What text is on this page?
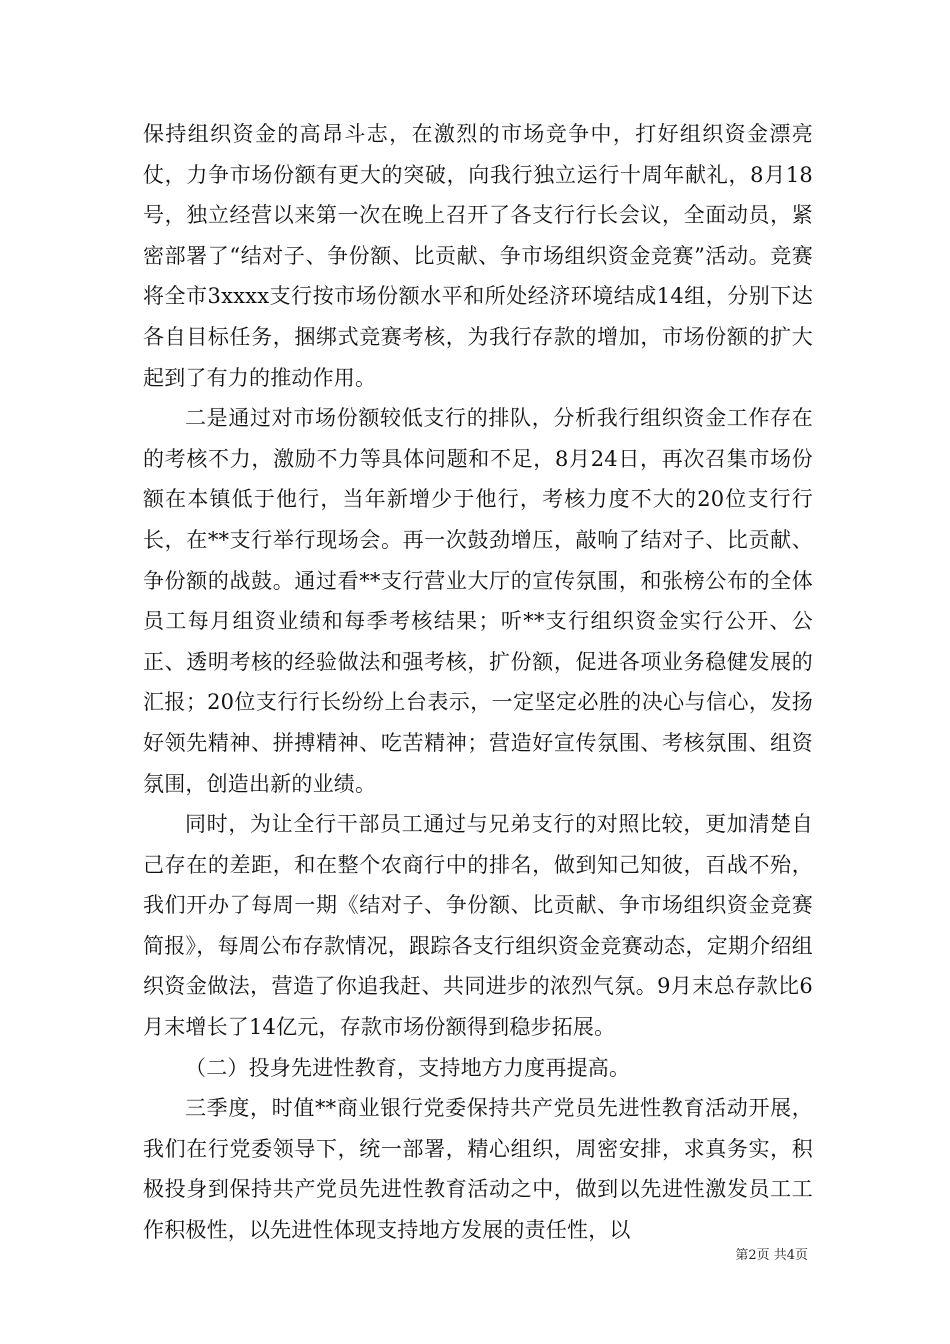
保持组织资金的高昂斗志，在激烈的市场竞争中，打好组织资金漂亮仗，力争市场份额有更大的突破，向我行独立运行十周年献礼，8月18号，独立经营以来第一次在晚上召开了各支行行长会议，全面动员，紧密部署了“结对子、争份额、比贡献、争市场组织资金竞赛”活动。竞赛将全市3xxxx支行按市场份额水平和所处经济环境结成14组，分别下达各自目标任务，捆绑式竞赛考核，为我行存款的增加，市场份额的扩大起到了有力的推动作用。

二是通过对市场份额较低支行的排队，分析我行组织资金工作存在的考核不力，激励不力等具体问题和不足，8月24日，再次召集市场份额在本镇低于他行，当年新增少于他行，考核力度不大的20位支行行长，在**支行举行现场会。再一次鼓劲增压，敲响了结对子、比贡献、争份额的战鼓。通过看**支行营业大厅的宣传氛围，和张榜公布的全体员工每月组资业绩和每季考核结果；听**支行组织资金实行公开、公正、透明考核的经验做法和强考核，扩份额，促进各项业务稳健发展的汇报；20位支行行长纷纷上台表示，一定坚定必胜的决心与信心，发扬好领先精神、拼搏精神、吃苦精神；营造好宣传氛围、考核氛围、组资氛围，创造出新的业绩。

同时，为让全行干部员工通过与兄弟支行的对照比较，更加清楚自己存在的差距，和在整个农商行中的排名，做到知己知彼，百战不殆，我们开办了每周一期《结对子、争份额、比贡献、争市场组织资金竞赛简报》，每周公布存款情况，跟踪各支行组织资金竞赛动态，定期介绍组织资金做法，营造了你追我赶、共同进步的浓烈气氛。9月末总存款比6月末增长了14亿元，存款市场份额得到稳步拓展。

（二）投身先进性教育，支持地方力度再提高。

三季度，时值**商业银行党委保持共产党员先进性教育活动开展，我们在行党委领导下，统一部署，精心组织，周密安排，求真务实，积极投身到保持共产党员先进性教育活动之中，做到以先进性激发员工工作积极性，以先进性体现支持地方发展的责任性，以

第2页 共4页
